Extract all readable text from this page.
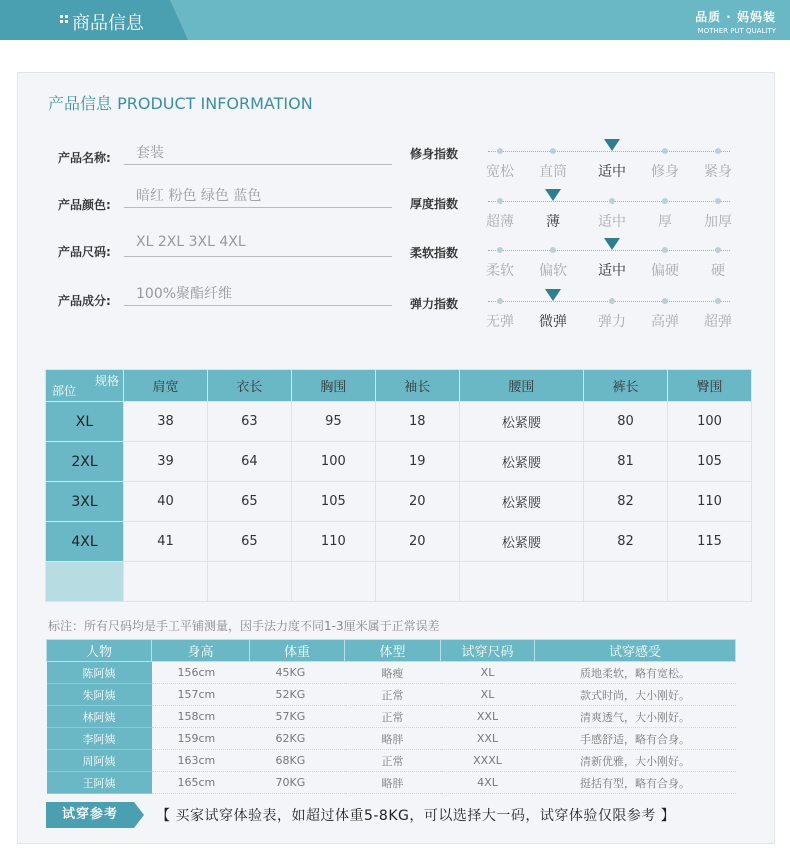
商品信息	品质 · 妈妈装
MOTHER PUT QUALITY
产品信息 PRODUCT INFORMATION
产品名称:	套装
产品颜色:
暗红 粉色 绿色 蓝色
产品尺码:
XL 2XL 3XL 4XL
产品成分:	100%聚酯纤维
修身指数
厚度指数
柔软指数
弹力指数
宽松	直筒	适中	修身	紧身
超薄	薄	适中	厚	加厚
柔软	偏软	适中	偏硬	硬
无弹	微弹	弹力	高弹	超弹
规格
部位	肩宽	衣长	胸围	袖长	腰围	裤长	臀围
XL	38	63	95	18	松紧腰	80	100
2XL	39	64	100	19	松紧腰	81	105
3XL	40	65	105	20	松紧腰	82	110
4XL	41	65	110	20	松紧腰	82	115

标注：所有尺码均是手工平铺测量，因手法力度不同1-3厘米属于正常误差
人物	身高	体重	体型	试穿尺码	试穿感受
陈阿姨	156cm	45KG	略瘦	XL	质地柔软，略有宽松。
朱阿姨	157cm	52KG	正常	XL	款式时尚，大小刚好。
林阿姨	158cm	57KG	正常	XXL	清爽透气，大小刚好。
李阿姨	159cm	62KG	略胖	XXL	手感舒适，略有合身。
周阿姨	163cm	68KG	正常	XXXL	清新优雅，大小刚好。
王阿姨	165cm	70KG	略胖	4XL	挺括有型，略有合身。
试穿参考	【 买家试穿体验表，如超过体重5-8KG，可以选择大一码，试穿体验仅限参考 】
